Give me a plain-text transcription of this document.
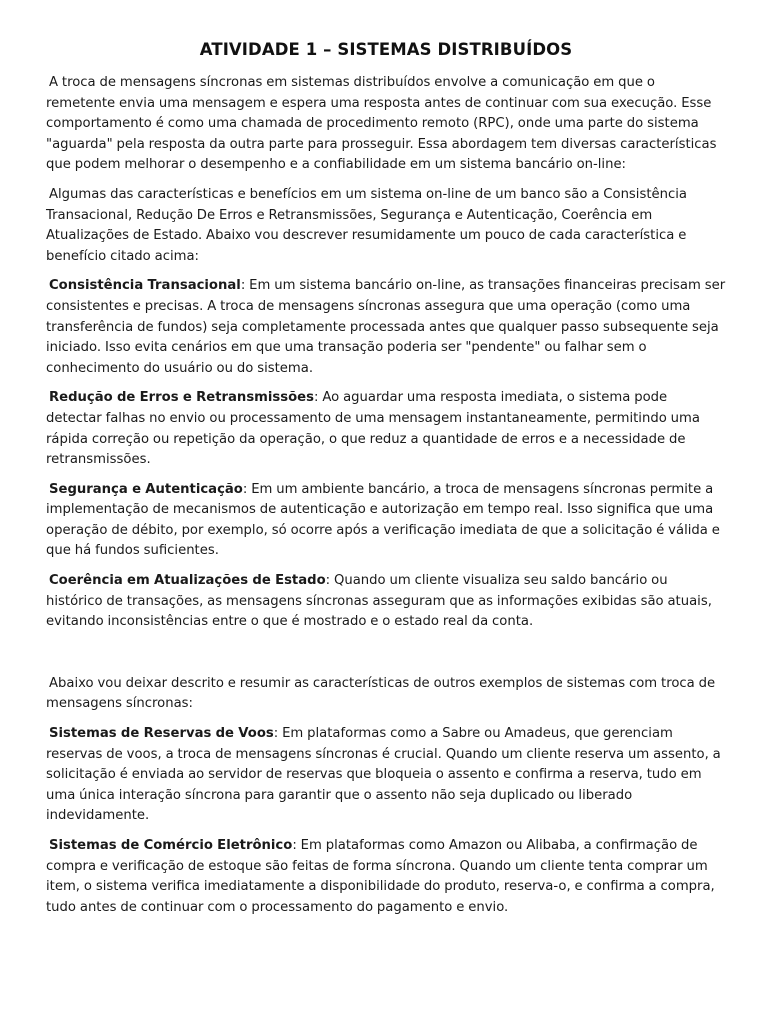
ATIVIDADE 1 – SISTEMAS DISTRIBUÍDOS

A troca de mensagens síncronas em sistemas distribuídos envolve a comunicação em que o remetente envia uma mensagem e espera uma resposta antes de continuar com sua execução. Esse comportamento é como uma chamada de procedimento remoto (RPC), onde uma parte do sistema "aguarda" pela resposta da outra parte para prosseguir. Essa abordagem tem diversas características que podem melhorar o desempenho e a confiabilidade em um sistema bancário on-line:

Algumas das características e benefícios em um sistema on-line de um banco são a Consistência Transacional, Redução De Erros e Retransmissões, Segurança e Autenticação, Coerência em Atualizações de Estado. Abaixo vou descrever resumidamente um pouco de cada característica e benefício citado acima:

Consistência Transacional: Em um sistema bancário on-line, as transações financeiras precisam ser consistentes e precisas. A troca de mensagens síncronas assegura que uma operação (como uma transferência de fundos) seja completamente processada antes que qualquer passo subsequente seja iniciado. Isso evita cenários em que uma transação poderia ser "pendente" ou falhar sem o conhecimento do usuário ou do sistema.

Redução de Erros e Retransmissões: Ao aguardar uma resposta imediata, o sistema pode detectar falhas no envio ou processamento de uma mensagem instantaneamente, permitindo uma rápida correção ou repetição da operação, o que reduz a quantidade de erros e a necessidade de retransmissões.

Segurança e Autenticação: Em um ambiente bancário, a troca de mensagens síncronas permite a implementação de mecanismos de autenticação e autorização em tempo real. Isso significa que uma operação de débito, por exemplo, só ocorre após a verificação imediata de que a solicitação é válida e que há fundos suficientes.

Coerência em Atualizações de Estado: Quando um cliente visualiza seu saldo bancário ou histórico de transações, as mensagens síncronas asseguram que as informações exibidas são atuais, evitando inconsistências entre o que é mostrado e o estado real da conta.

Abaixo vou deixar descrito e resumir as características de outros exemplos de sistemas com troca de mensagens síncronas:

Sistemas de Reservas de Voos: Em plataformas como a Sabre ou Amadeus, que gerenciam reservas de voos, a troca de mensagens síncronas é crucial. Quando um cliente reserva um assento, a solicitação é enviada ao servidor de reservas que bloqueia o assento e confirma a reserva, tudo em uma única interação síncrona para garantir que o assento não seja duplicado ou liberado indevidamente.

Sistemas de Comércio Eletrônico: Em plataformas como Amazon ou Alibaba, a confirmação de compra e verificação de estoque são feitas de forma síncrona. Quando um cliente tenta comprar um item, o sistema verifica imediatamente a disponibilidade do produto, reserva-o, e confirma a compra, tudo antes de continuar com o processamento do pagamento e envio.
